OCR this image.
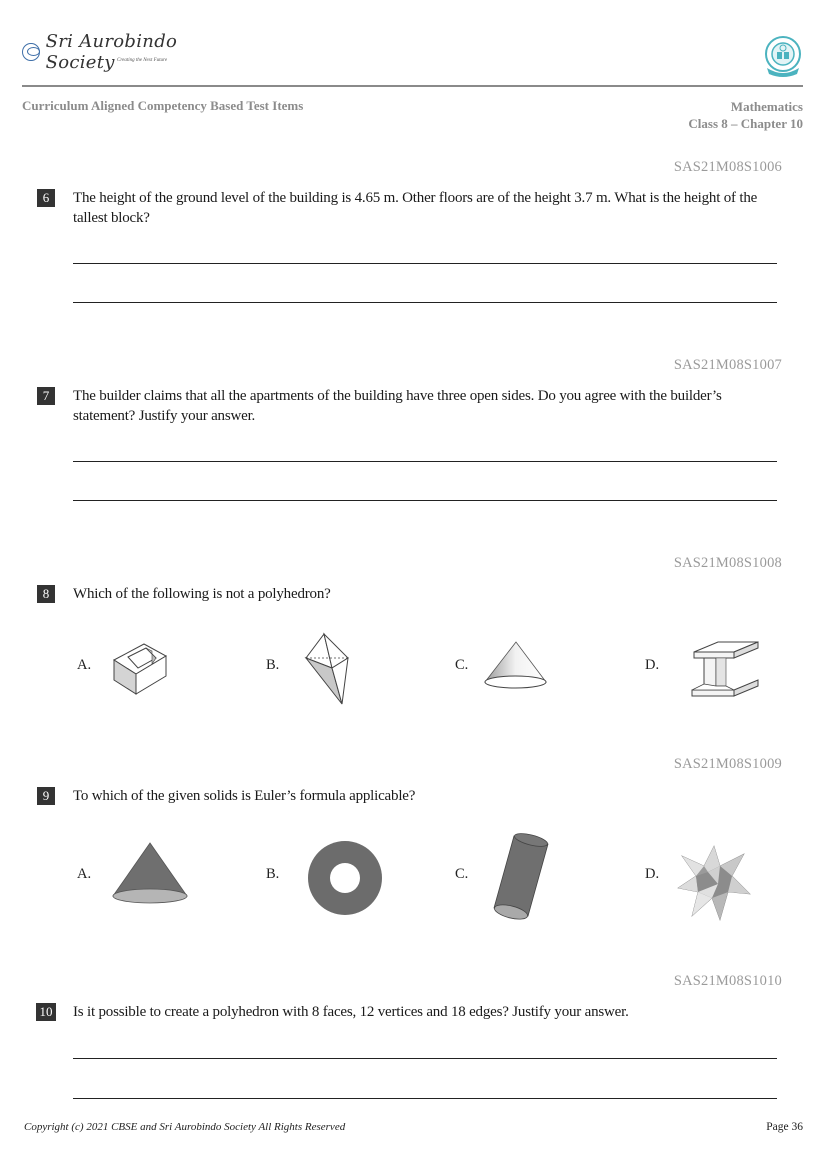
Sri Aurobindo Society Creating the Next Future
Curriculum Aligned Competency Based Test Items	Mathematics
Class 8 – Chapter 10
SAS21M08S1006
6	The height of the ground level of the building is 4.65 m. Other floors are of the height 3.7 m. What is the height of the tallest block?
SAS21M08S1007
7	The builder claims that all the apartments of the building have three open sides. Do you agree with the builder’s statement? Justify your answer.
SAS21M08S1008
8	Which of the following is not a polyhedron?
A.	B.	C.	D.
SAS21M08S1009
9	To which of the given solids is Euler’s formula applicable?
A.	B.	C.	D.
SAS21M08S1010
10 Is it possible to create a polyhedron with 8 faces, 12 vertices and 18 edges? Justify your answer.
Copyright (c) 2021 CBSE and Sri Aurobindo Society All Rights Reserved	Page 36
